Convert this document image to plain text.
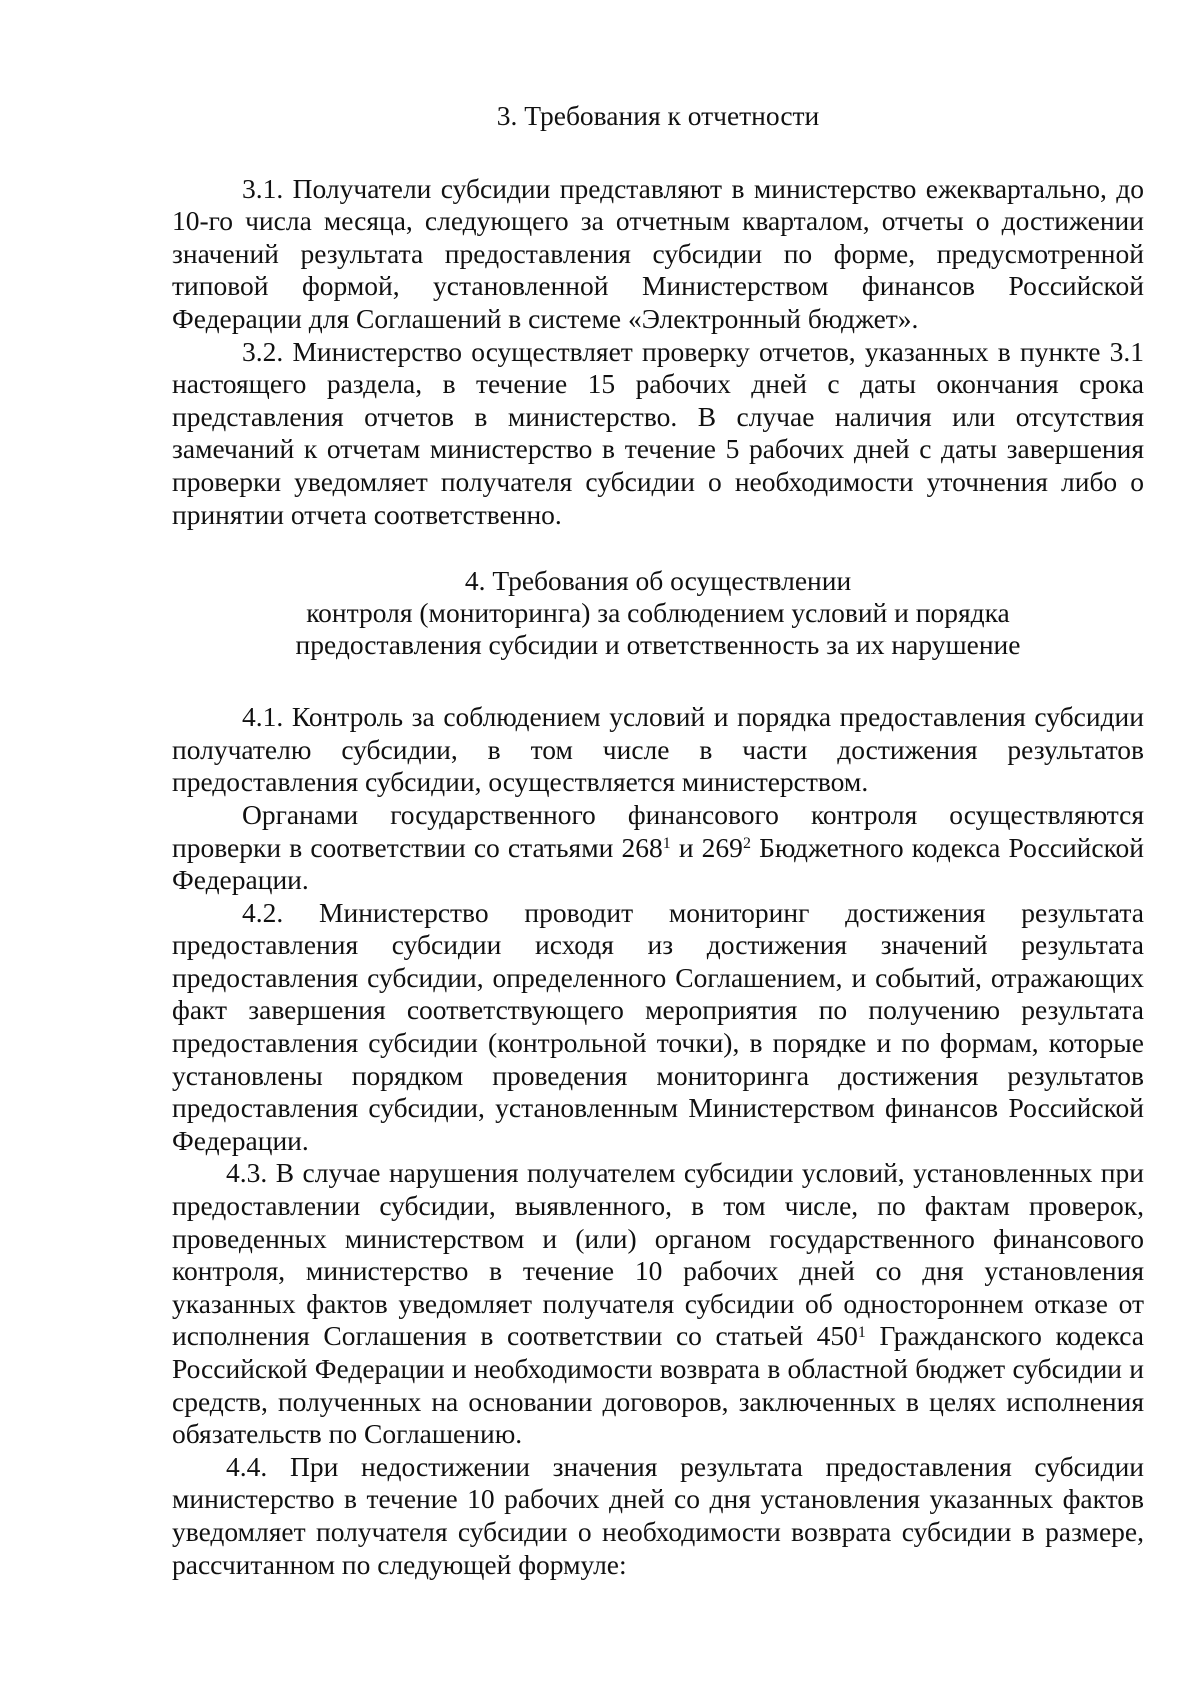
3. Требования к отчетности

3.1. Получатели субсидии представляют в министерство ежеквартально, до 10-го числа месяца, следующего за отчетным кварталом, отчеты о достижении значений результата предоставления субсидии по форме, предусмотренной типовой формой, установленной Министерством финансов Российской Федерации для Соглашений в системе «Электронный бюджет».

3.2. Министерство осуществляет проверку отчетов, указанных в пункте 3.1 настоящего раздела, в течение 15 рабочих дней с даты окончания срока представления отчетов в министерство. В случае наличия или отсутствия замечаний к отчетам министерство в течение 5 рабочих дней с даты завершения проверки уведомляет получателя субсидии о необходимости уточнения либо о принятии отчета соответственно.

4. Требования об осуществлении
контроля (мониторинга) за соблюдением условий и порядка
предоставления субсидии и ответственность за их нарушение

4.1. Контроль за соблюдением условий и порядка предоставления субсидии получателю субсидии, в том числе в части достижения результатов предоставления субсидии, осуществляется министерством.

Органами государственного финансового контроля осуществляются проверки в соответствии со статьями $268^1$ и $269^2$ Бюджетного кодекса Российской Федерации.

4.2. Министерство проводит мониторинг достижения результата предоставления субсидии исходя из достижения значений результата предоставления субсидии, определенного Соглашением, и событий, отражающих факт завершения соответствующего мероприятия по получению результата предоставления субсидии (контрольной точки), в порядке и по формам, которые установлены порядком проведения мониторинга достижения результатов предоставления субсидии, установленным Министерством финансов Российской Федерации.

4.3. В случае нарушения получателем субсидии условий, установленных при предоставлении субсидии, выявленного, в том числе, по фактам проверок, проведенных министерством и (или) органом государственного финансового контроля, министерство в течение 10 рабочих дней со дня установления указанных фактов уведомляет получателя субсидии об одностороннем отказе от исполнения Соглашения в соответствии со статьей $450^1$ Гражданского кодекса Российской Федерации и необходимости возврата в областной бюджет субсидии и средств, полученных на основании договоров, заключенных в целях исполнения обязательств по Соглашению.

4.4. При недостижении значения результата предоставления субсидии министерство в течение 10 рабочих дней со дня установления указанных фактов уведомляет получателя субсидии о необходимости возврата субсидии в размере, рассчитанном по следующей формуле:
